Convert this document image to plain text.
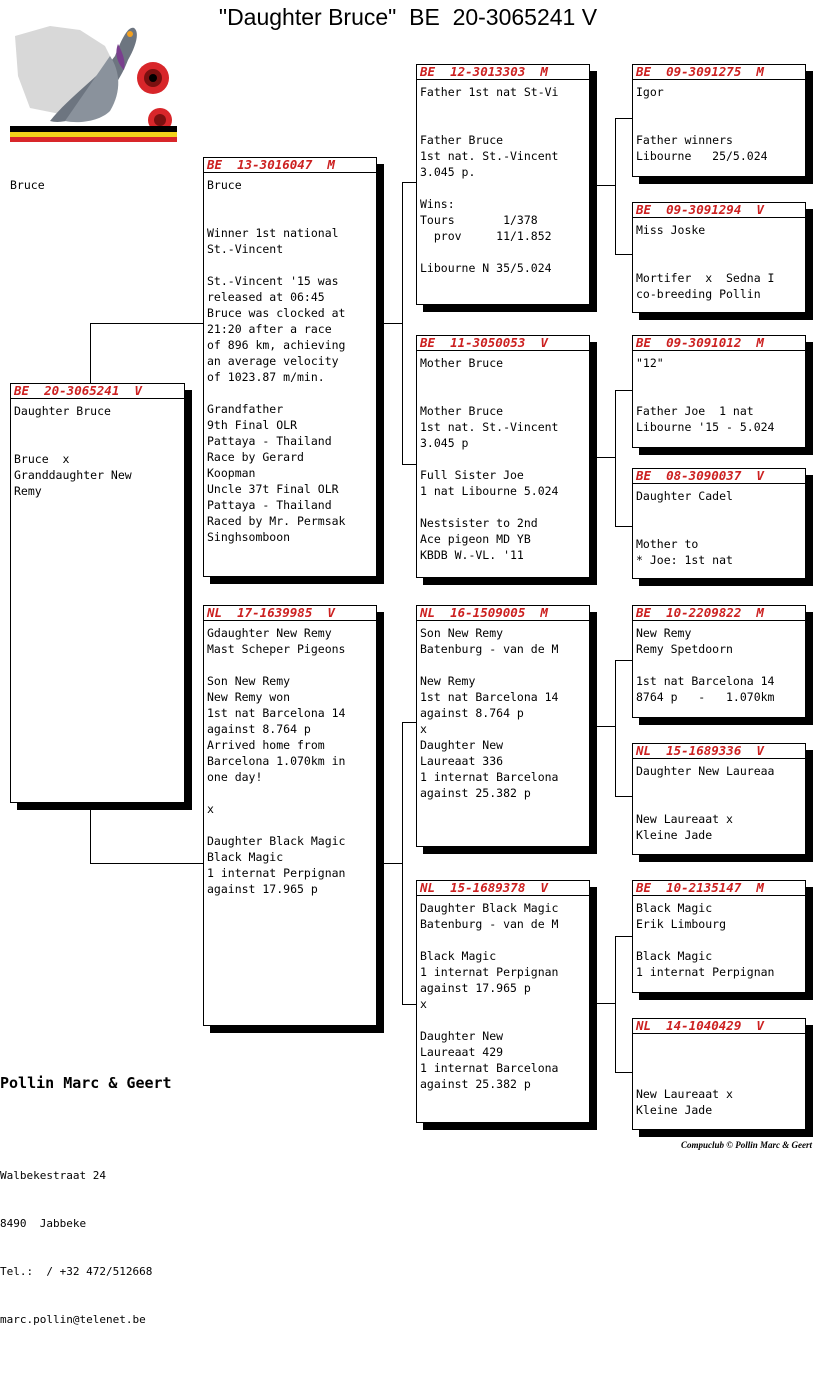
"Daughter Bruce"  BE  20-3065241 V
Bruce
BE  20-3065241  V
Daughter Bruce

Bruce  x
Granddaughter New
Remy
BE  13-3016047  M
Bruce

Winner 1st national
St.-Vincent

St.-Vincent '15 was
released at 06:45
Bruce was clocked at
21:20 after a race
of 896 km, achieving
an average velocity
of 1023.87 m/min.

Grandfather
9th Final OLR
Pattaya - Thailand
Race by Gerard
Koopman
Uncle 37t Final OLR
Pattaya - Thailand
Raced by Mr. Permsak
Singhsomboon
NL  17-1639985  V
Gdaughter New Remy
Mast Scheper Pigeons

Son New Remy
New Remy won
1st nat Barcelona 14
against 8.764 p
Arrived home from
Barcelona 1.070km in
one day!

x

Daughter Black Magic
Black Magic
1 internat Perpignan
against 17.965 p
BE  12-3013303  M
Father 1st nat St-Vi

Father Bruce
1st nat. St.-Vincent
3.045 p.

Wins:
Tours       1/378
prov     11/1.852

Libourne N 35/5.024
BE  11-3050053  V
Mother Bruce

Mother Bruce
1st nat. St.-Vincent
3.045 p

Full Sister Joe
1 nat Libourne 5.024

Nestsister to 2nd
Ace pigeon MD YB
KBDB W.-VL. '11
NL  16-1509005  M
Son New Remy
Batenburg - van de M

New Remy
1st nat Barcelona 14
against 8.764 p
x
Daughter New
Laureaat 336
1 internat Barcelona
against 25.382 p
NL  15-1689378  V
Daughter Black Magic
Batenburg - van de M

Black Magic
1 internat Perpignan
against 17.965 p
x

Daughter New
Laureaat 429
1 internat Barcelona
against 25.382 p
BE  09-3091275  M
Igor

Father winners
Libourne   25/5.024
BE  09-3091294  V
Miss Joske

Mortifer  x  Sedna I
co-breeding Pollin
BE  09-3091012  M
"12"

Father Joe  1 nat
Libourne '15 - 5.024
BE  08-3090037  V
Daughter Cadel

Mother to
* Joe: 1st nat
BE  10-2209822  M
New Remy
Remy Spetdoorn

1st nat Barcelona 14
8764 p   -   1.070km
NL  15-1689336  V
Daughter New Laureaa

New Laureaat x
Kleine Jade
BE  10-2135147  M
Black Magic
Erik Limbourg

Black Magic
1 internat Perpignan
NL  14-1040429  V

New Laureaat x
Kleine Jade

Pollin Marc & Geert

Walbekestraat 24

8490  Jabbeke

Tel.:  / +32 472/512668

marc.pollin@telenet.be

Compuclub © Pollin Marc & Geert
